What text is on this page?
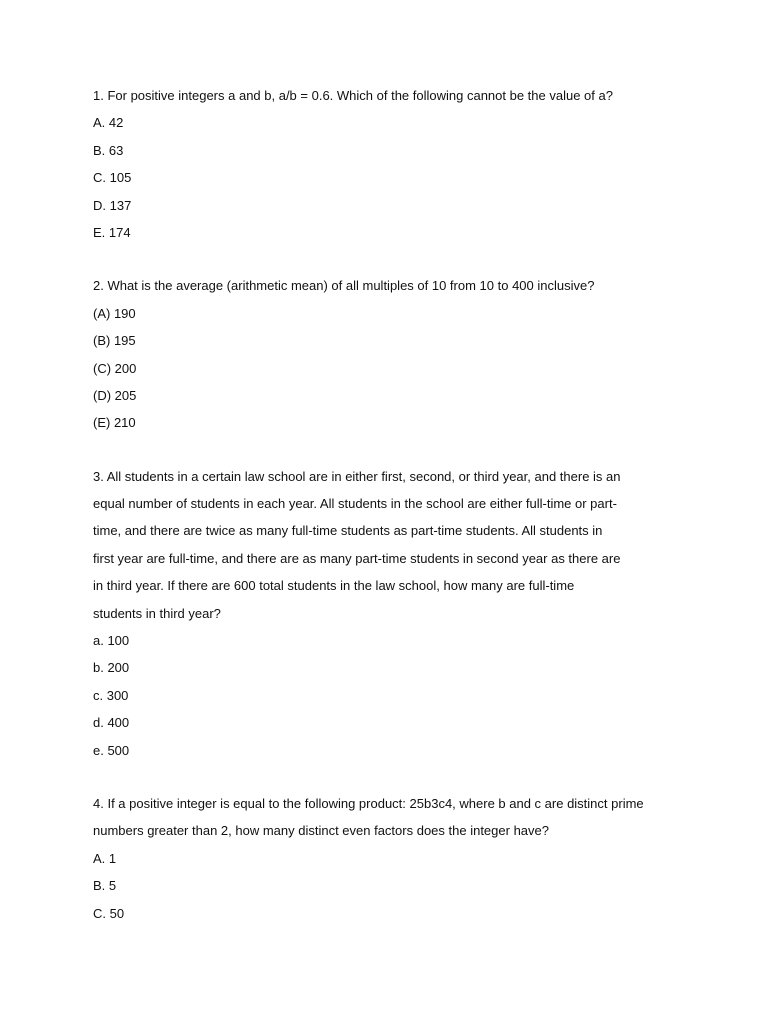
1. For positive integers a and b, a/b = 0.6. Which of the following cannot be the value of a?
A. 42
B. 63
C. 105
D. 137
E. 174
2. What is the average (arithmetic mean) of all multiples of 10 from 10 to 400 inclusive?
(A) 190
(B) 195
(C) 200
(D) 205
(E) 210
3. All students in a certain law school are in either first, second, or third year, and there is an
equal number of students in each year. All students in the school are either full-time or part-
time, and there are twice as many full-time students as part-time students. All students in
first year are full-time, and there are as many part-time students in second year as there are
in third year. If there are 600 total students in the law school, how many are full-time
students in third year?
a. 100
b. 200
c. 300
d. 400
e. 500
4. If a positive integer is equal to the following product: 25b3c4, where b and c are distinct prime
numbers greater than 2, how many distinct even factors does the integer have?
A. 1
B. 5
C. 50
